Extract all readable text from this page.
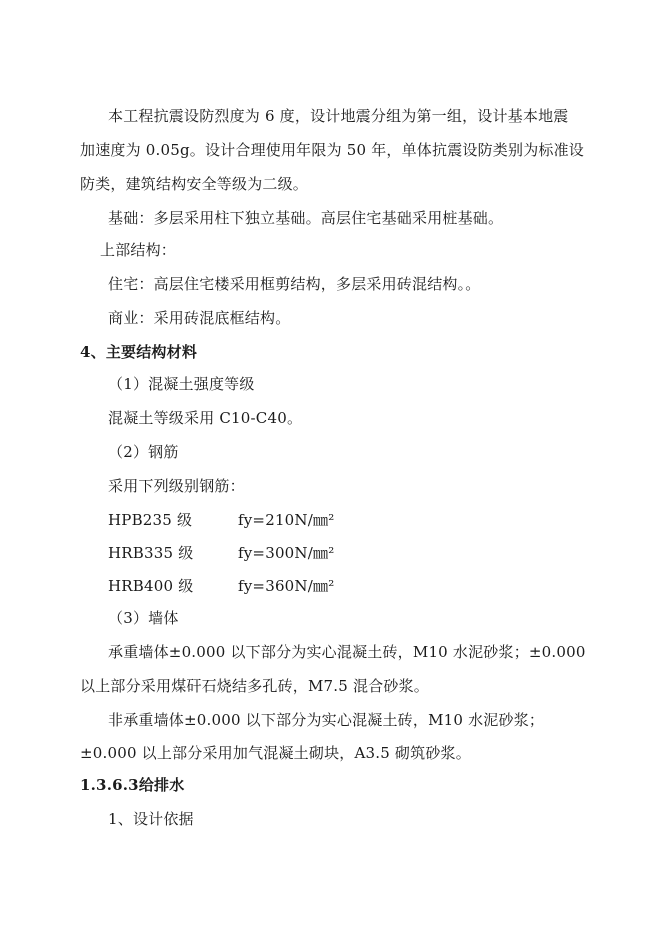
本工程抗震设防烈度为 6 度，设计地震分组为第一组，设计基本地震
加速度为 0.05g。设计合理使用年限为 50 年，单体抗震设防类别为标准设
防类，建筑结构安全等级为二级。
基础：多层采用柱下独立基础。高层住宅基础采用桩基础。
上部结构：
住宅：高层住宅楼采用框剪结构，多层采用砖混结构。。
商业：采用砖混底框结构。
4、主要结构材料
（1）混凝土强度等级
混凝土等级采用 C10-C40。
（2）钢筋
采用下列级别钢筋：
HPB235 级	fy=210N/㎜²
HRB335 级	fy=300N/㎜²
HRB400 级	fy=360N/㎜²
（3）墙体
承重墙体±0.000 以下部分为实心混凝土砖，M10 水泥砂浆；±0.000
以上部分采用煤矸石烧结多孔砖，M7.5 混合砂浆。
非承重墙体±0.000 以下部分为实心混凝土砖，M10 水泥砂浆；
±0.000 以上部分采用加气混凝土砌块，A3.5 砌筑砂浆。
1.3.6.3给排水
1、设计依据
